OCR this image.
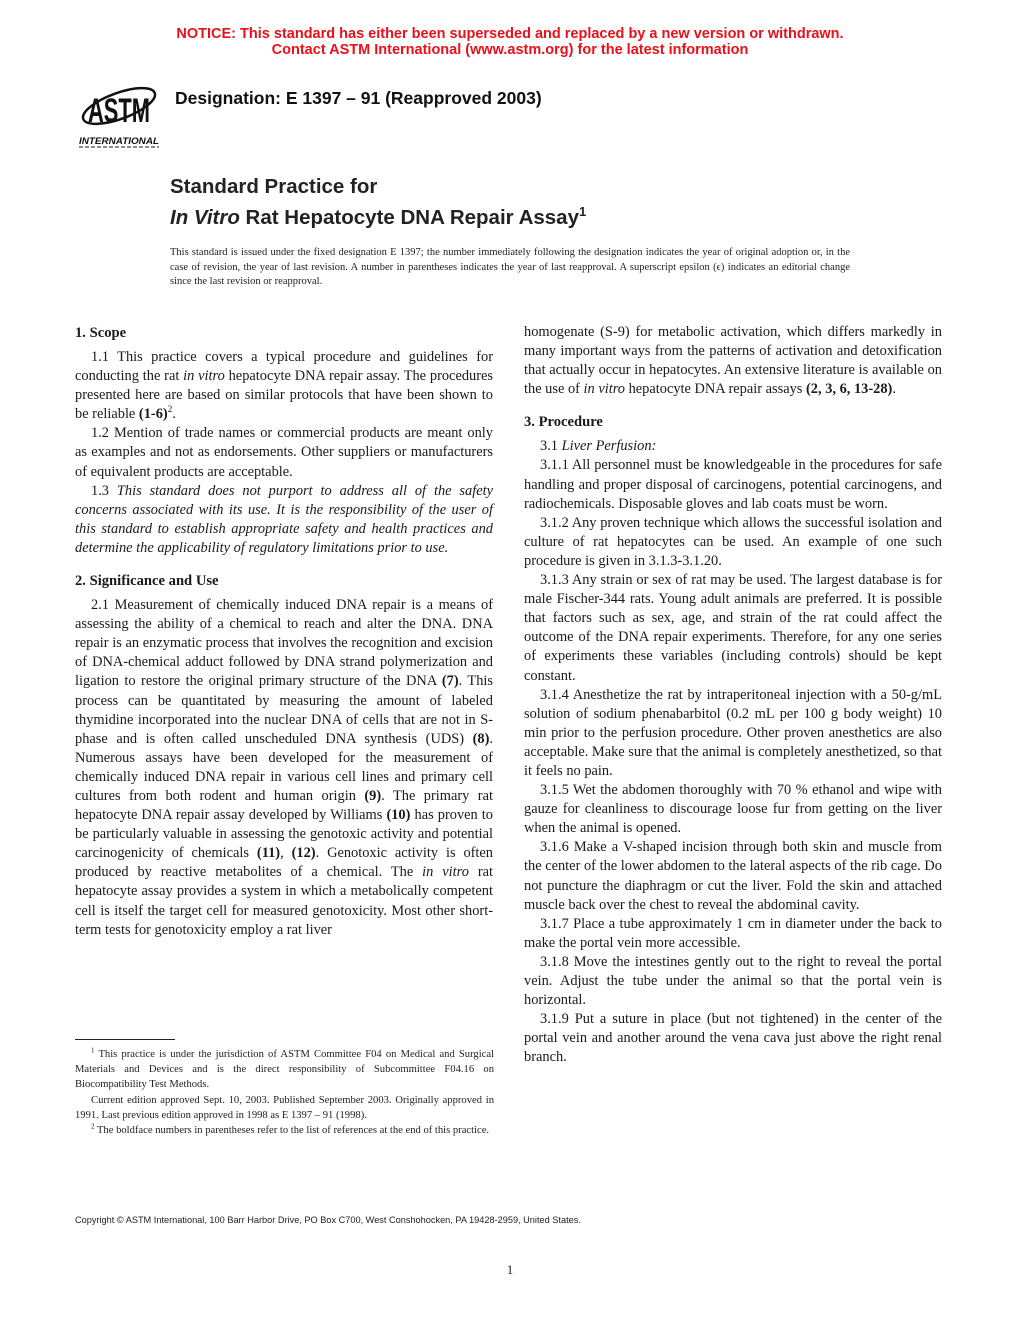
NOTICE: This standard has either been superseded and replaced by a new version or withdrawn.
Contact ASTM International (www.astm.org) for the latest information
ASTM
INTERNATIONAL
Designation: E 1397 – 91 (Reapproved 2003)
Standard Practice for
In Vitro Rat Hepatocyte DNA Repair Assay$^1$
This standard is issued under the fixed designation E 1397; the number immediately following the designation indicates the year of original adoption or, in the case of revision, the year of last revision. A number in parentheses indicates the year of last reapproval. A superscript epsilon (ϵ) indicates an editorial change since the last revision or reapproval.
1. Scope

1.1 This practice covers a typical procedure and guidelines for conducting the rat in vitro hepatocyte DNA repair assay. The procedures presented here are based on similar protocols that have been shown to be reliable $(1-6)^2$.

1.2 Mention of trade names or commercial products are meant only as examples and not as endorsements. Other suppliers or manufacturers of equivalent products are acceptable.

1.3 This standard does not purport to address all of the safety concerns associated with its use. It is the responsibility of the user of this standard to establish appropriate safety and health practices and determine the applicability of regulatory limitations prior to use.

2. Significance and Use

2.1 Measurement of chemically induced DNA repair is a means of assessing the ability of a chemical to reach and alter the DNA. DNA repair is an enzymatic process that involves the recognition and excision of DNA-chemical adduct followed by DNA strand polymerization and ligation to restore the original primary structure of the DNA (7). This process can be quantitated by measuring the amount of labeled thymidine incorporated into the nuclear DNA of cells that are not in S-phase and is often called unscheduled DNA synthesis (UDS) (8). Numerous assays have been developed for the measurement of chemically induced DNA repair in various cell lines and primary cell cultures from both rodent and human origin (9). The primary rat hepatocyte DNA repair assay developed by Williams (10) has proven to be particularly valuable in assessing the genotoxic activity and potential carcinogenicity of chemicals (11), (12). Genotoxic activity is often produced by reactive metabolites of a chemical. The in vitro rat hepatocyte assay provides a system in which a metabolically competent cell is itself the target cell for measured genotoxicity. Most other short-term tests for genotoxicity employ a rat liver

homogenate (S-9) for metabolic activation, which differs markedly in many important ways from the patterns of activation and detoxification that actually occur in hepatocytes. An extensive literature is available on the use of in vitro hepatocyte DNA repair assays (2, 3, 6, 13-28).

3. Procedure

3.1 Liver Perfusion:

3.1.1 All personnel must be knowledgeable in the procedures for safe handling and proper disposal of carcinogens, potential carcinogens, and radiochemicals. Disposable gloves and lab coats must be worn.

3.1.2 Any proven technique which allows the successful isolation and culture of rat hepatocytes can be used. An example of one such procedure is given in 3.1.3-3.1.20.

3.1.3 Any strain or sex of rat may be used. The largest database is for male Fischer-344 rats. Young adult animals are preferred. It is possible that factors such as sex, age, and strain of the rat could affect the outcome of the DNA repair experiments. Therefore, for any one series of experiments these variables (including controls) should be kept constant.

3.1.4 Anesthetize the rat by intraperitoneal injection with a 50-g/mL solution of sodium phenabarbitol (0.2 mL per 100 g body weight) 10 min prior to the perfusion procedure. Other proven anesthetics are also acceptable. Make sure that the animal is completely anesthetized, so that it feels no pain.

3.1.5 Wet the abdomen thoroughly with 70 % ethanol and wipe with gauze for cleanliness to discourage loose fur from getting on the liver when the animal is opened.

3.1.6 Make a V-shaped incision through both skin and muscle from the center of the lower abdomen to the lateral aspects of the rib cage. Do not puncture the diaphragm or cut the liver. Fold the skin and attached muscle back over the chest to reveal the abdominal cavity.

3.1.7 Place a tube approximately 1 cm in diameter under the back to make the portal vein more accessible.

3.1.8 Move the intestines gently out to the right to reveal the portal vein. Adjust the tube under the animal so that the portal vein is horizontal.

3.1.9 Put a suture in place (but not tightened) in the center of the portal vein and another around the vena cava just above the right renal branch.

$^1$ This practice is under the jurisdiction of ASTM Committee F04 on Medical and Surgical Materials and Devices and is the direct responsibility of Subcommittee F04.16 on Biocompatibility Test Methods.

Current edition approved Sept. 10, 2003. Published September 2003. Originally approved in 1991. Last previous edition approved in 1998 as E 1397 – 91 (1998).

$^2$ The boldface numbers in parentheses refer to the list of references at the end of this practice.

Copyright © ASTM International, 100 Barr Harbor Drive, PO Box C700, West Conshohocken, PA 19428-2959, United States.
1
